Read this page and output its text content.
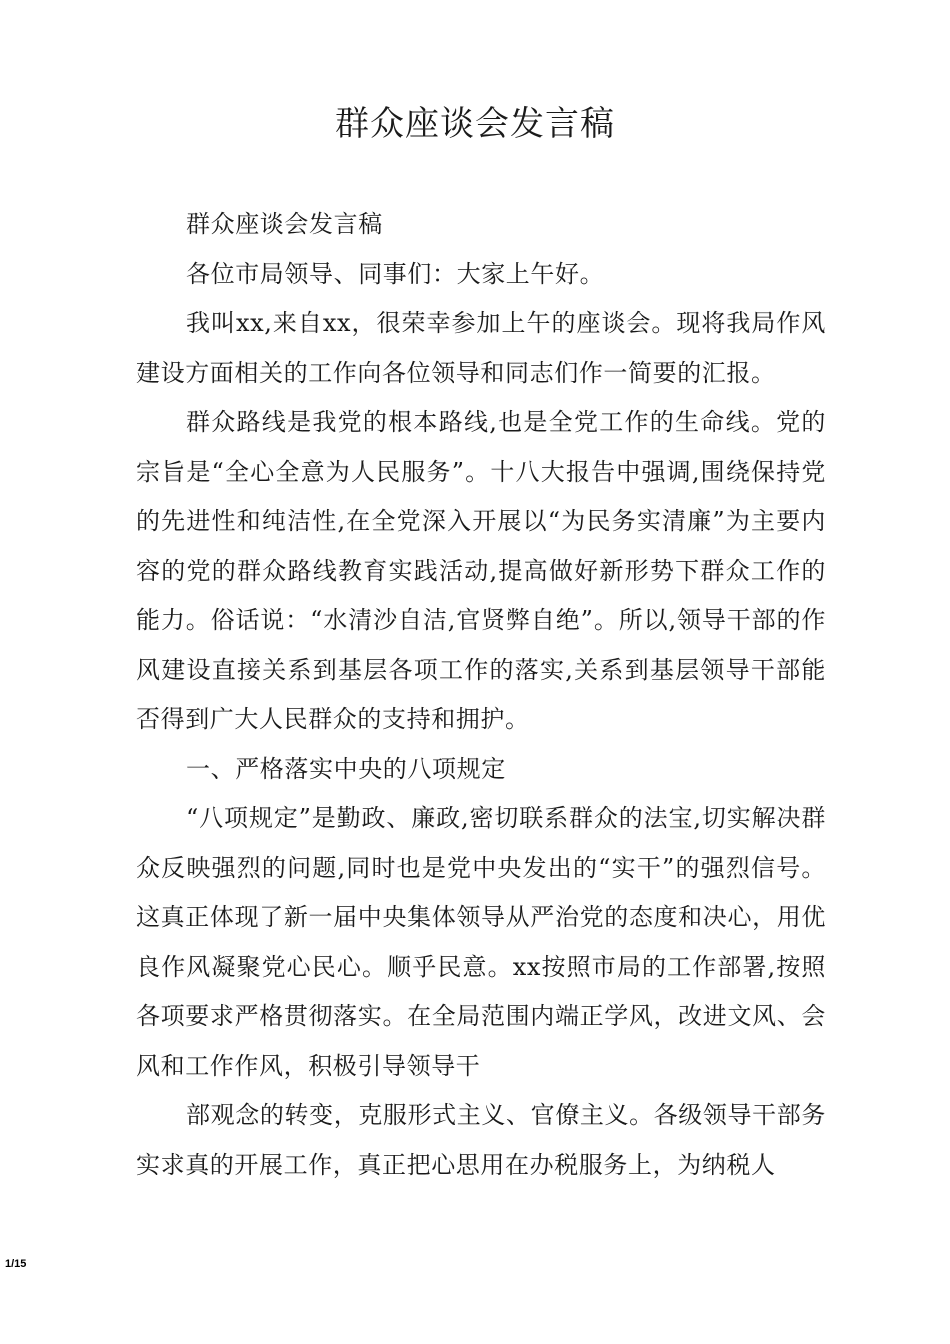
群众座谈会发言稿

群众座谈会发言稿

各位市局领导、同事们：大家上午好。

我叫xx,来自xx，很荣幸参加上午的座谈会。现将我局作风建设方面相关的工作向各位领导和同志们作一简要的汇报。

群众路线是我党的根本路线,也是全党工作的生命线。党的宗旨是“全心全意为人民服务”。十八大报告中强调,围绕保持党的先进性和纯洁性,在全党深入开展以“为民务实清廉”为主要内容的党的群众路线教育实践活动,提高做好新形势下群众工作的能力。俗话说：“水清沙自洁,官贤弊自绝”。所以,领导干部的作风建设直接关系到基层各项工作的落实,关系到基层领导干部能否得到广大人民群众的支持和拥护。

一、严格落实中央的八项规定

“八项规定”是勤政、廉政,密切联系群众的法宝,切实解决群众反映强烈的问题,同时也是党中央发出的“实干”的强烈信号。这真正体现了新一届中央集体领导从严治党的态度和决心，用优良作风凝聚党心民心。顺乎民意。xx按照市局的工作部署,按照各项要求严格贯彻落实。在全局范围内端正学风，改进文风、会风和工作作风，积极引导领导干

部观念的转变，克服形式主义、官僚主义。各级领导干部务实求真的开展工作，真正把心思用在办税服务上，为纳税人

1/15
